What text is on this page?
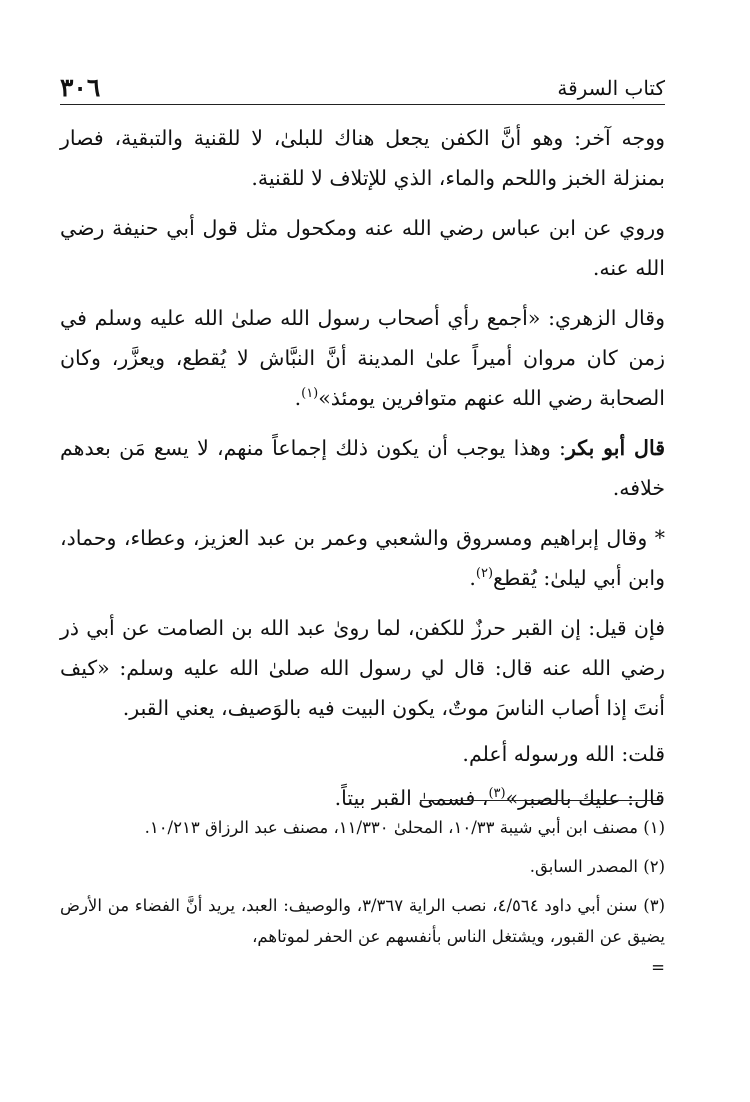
٣٠٦	كتاب السرقة

ووجه آخر: وهو أنَّ الكفن يجعل هناك للبلىٰ، لا للقنية والتبقية، فصار بمنزلة الخبز واللحم والماء، الذي للإتلاف لا للقنية.

وروي عن ابن عباس رضي الله عنه ومكحول مثل قول أبي حنيفة رضي الله عنه.

وقال الزهري: «أجمع رأي أصحاب رسول الله صلىٰ الله عليه وسلم في زمن كان مروان أميراً علىٰ المدينة أنَّ النبَّاش لا يُقطع، ويعزَّر، وكان الصحابة رضي الله عنهم متوافرين يومئذ»$^{(١)}$.

قال أبو بكر: وهذا يوجب أن يكون ذلك إجماعاً منهم، لا يسع مَن بعدهم خلافه.

* وقال إبراهيم ومسروق والشعبي وعمر بن عبد العزيز، وعطاء، وحماد، وابن أبي ليلىٰ: يُقطع$^{(٢)}$.

فإن قيل: إن القبر حرزٌ للكفن، لما روىٰ عبد الله بن الصامت عن أبي ذر رضي الله عنه قال: قال لي رسول الله صلىٰ الله عليه وسلم: «كيف أنتَ إذا أصاب الناسَ موتٌ، يكون البيت فيه بالوَصيف، يعني القبر.

قلت: الله ورسوله أعلم.

قال: عليك بالصبر»$^{(٣)}$، فسمىٰ القبر بيتاً.

(١) مصنف ابن أبي شيبة ١٠/٣٣، المحلىٰ ١١/٣٣٠، مصنف عبد الرزاق ١٠/٢١٣.

(٢) المصدر السابق.

(٣) سنن أبي داود ٤/٥٦٤، نصب الراية ٣/٣٦٧، والوصيف: العبد، يريد أنَّ الفضاء من الأرض يضيق عن القبور، ويشتغل الناس بأنفسهم عن الحفر لموتاهم،
=
